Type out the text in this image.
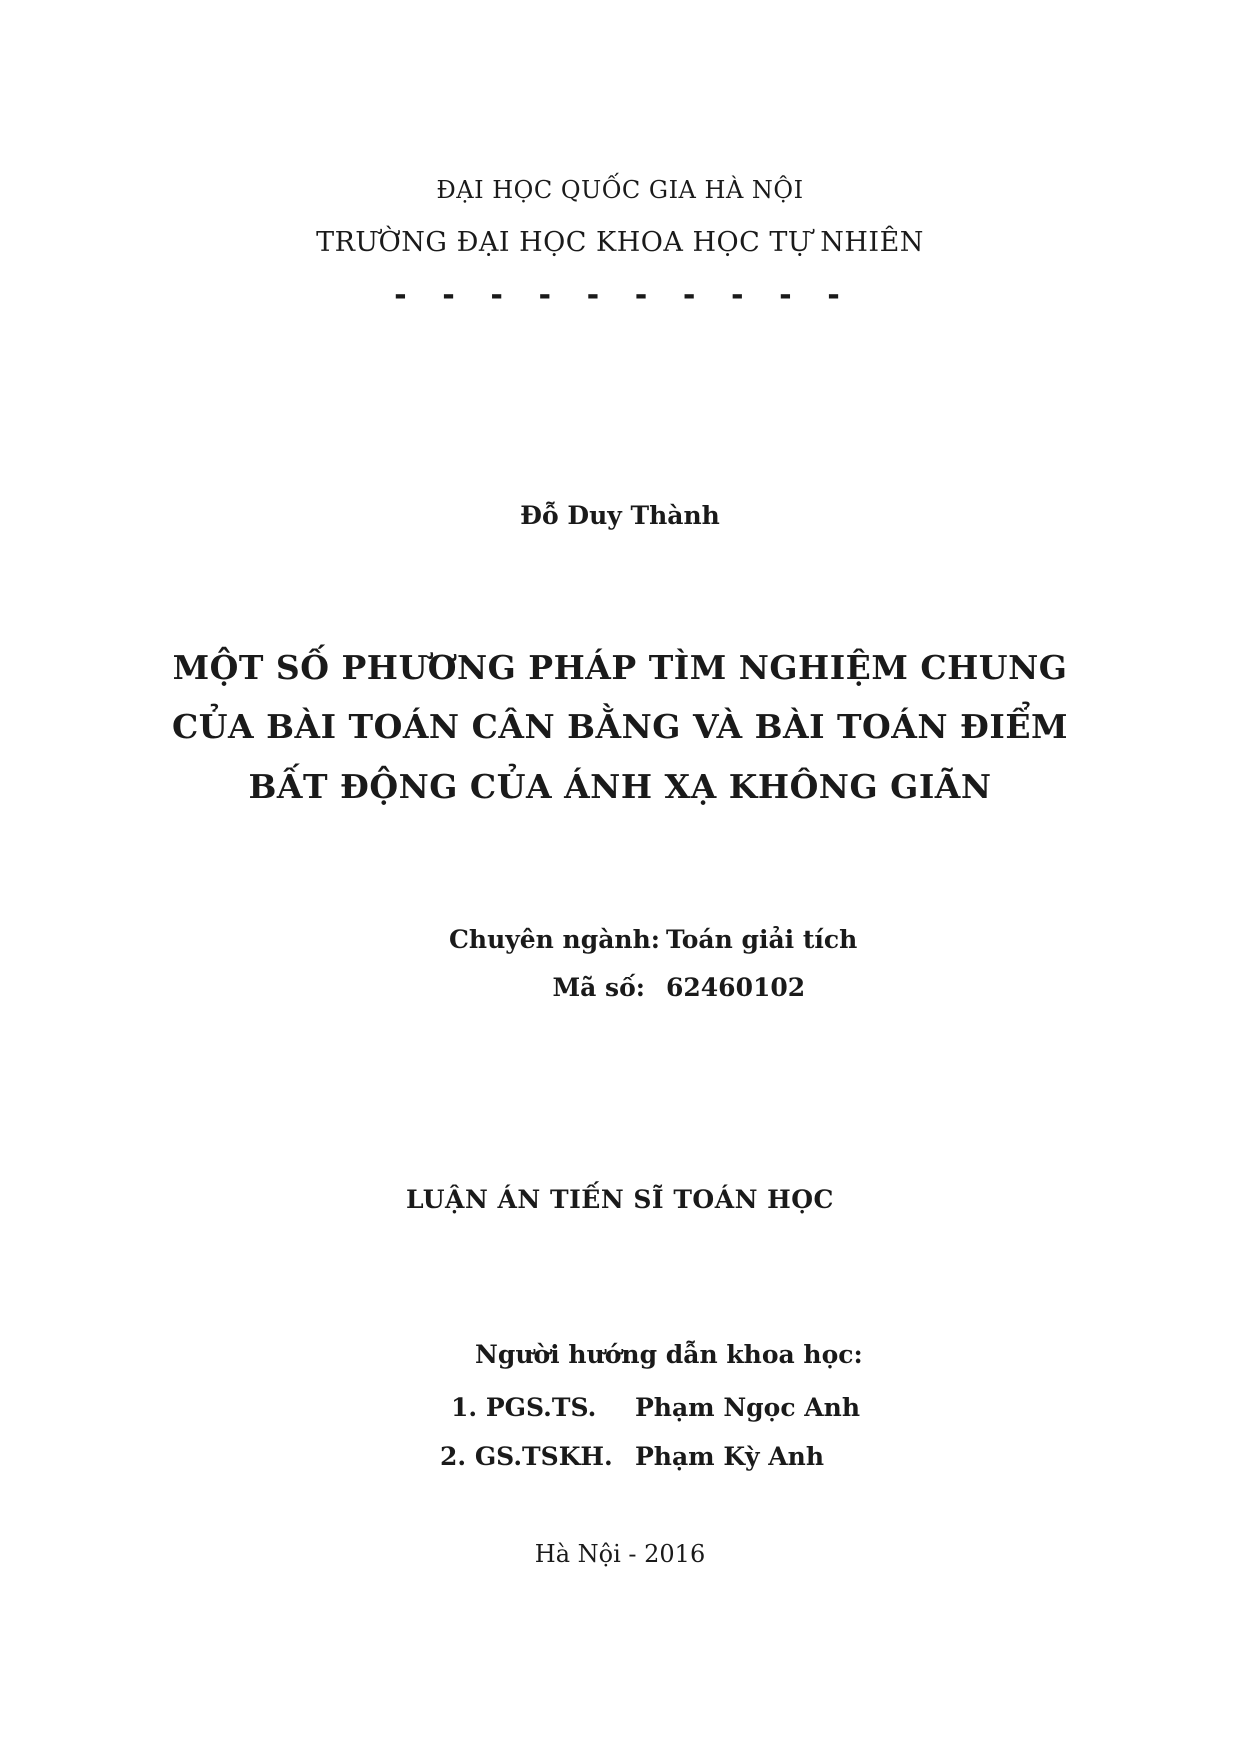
ĐẠI HỌC QUỐC GIA HÀ NỘI
TRƯỜNG ĐẠI HỌC KHOA HỌC TỰ NHIÊN
- - - - - - - - - -
Đỗ Duy Thành
MỘT SỐ PHƯƠNG PHÁP TÌM NGHIỆM CHUNG
CỦA BÀI TOÁN CÂN BẰNG VÀ BÀI TOÁN ĐIỂM
BẤT ĐỘNG CỦA ÁNH XẠ KHÔNG GIÃN
Chuyên ngành: Toán giải tích
Mã số: 62460102
LUẬN ÁN TIẾN SĨ TOÁN HỌC
Người hướng dẫn khoa học:
1. PGS.TS. Phạm Ngọc Anh
2. GS.TSKH. Phạm Kỳ Anh
Hà Nội - 2016
